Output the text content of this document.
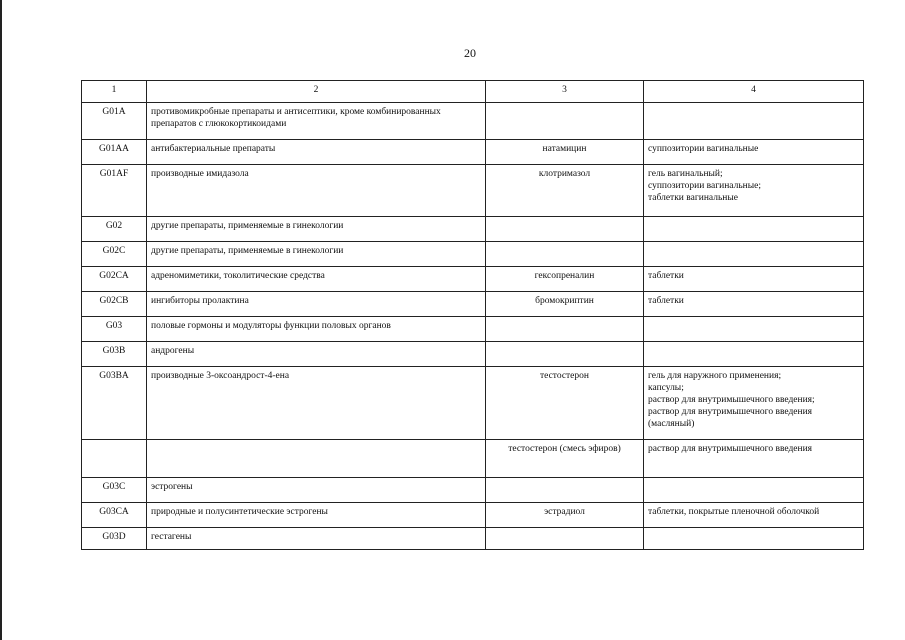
20
1	2	3	4
G01A	противомикробные препараты и антисептики, кроме комбинированных препаратов с глюкокортикоидами		
G01AA	антибактериальные препараты	натамицин	суппозитории вагинальные
G01AF	производные имидазола	клотримазол	гель вагинальный;
суппозитории вагинальные;
таблетки вагинальные
G02	другие препараты, применяемые в гинекологии		
G02C	другие препараты, применяемые в гинекологии		
G02CA	адреномиметики, токолитические средства	гексопреналин	таблетки
G02CB	ингибиторы пролактина	бромокриптин	таблетки
G03	половые гормоны и модуляторы функции половых органов		
G03B	андрогены		
G03BA	производные 3-оксоандрост-4-ена	тестостерон	гель для наружного применения;
капсулы;
раствор для внутримышечного введения;
раствор для внутримышечного введения (масляный)
		тестостерон (смесь эфиров)	раствор для внутримышечного введения
G03C	эстрогены		
G03CA	природные и полусинтетические эстрогены	эстрадиол	таблетки, покрытые пленочной оболочкой
G03D	гестагены		
